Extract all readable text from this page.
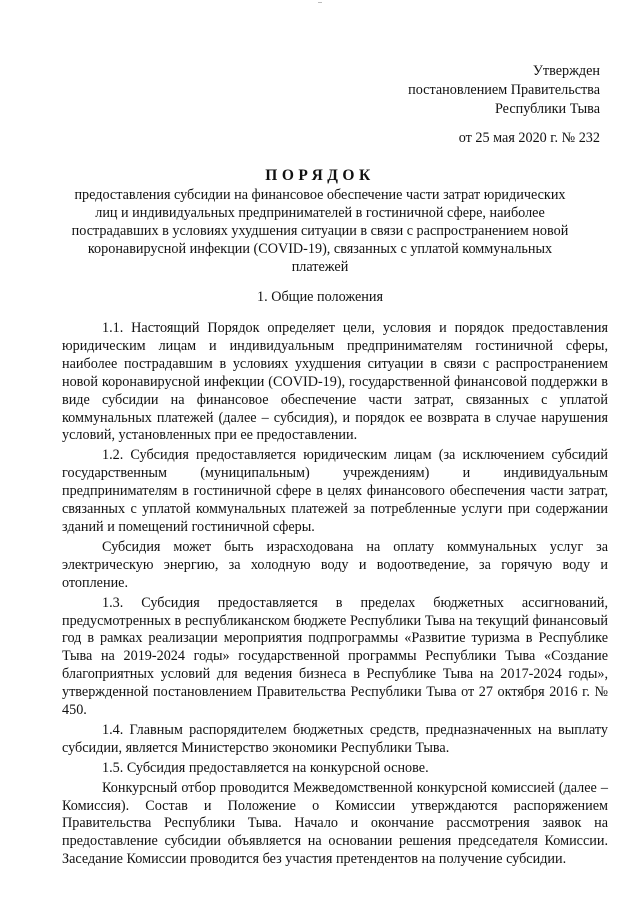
Утвержден
постановлением Правительства
Республики Тыва
от 25 мая 2020 г. № 232
ПОРЯДОК
предоставления субсидии на финансовое обеспечение части затрат юридических лиц и индивидуальных предпринимателей в гостиничной сфере, наиболее пострадавших в условиях ухудшения ситуации в связи с распространением новой коронавирусной инфекции (COVID-19), связанных с уплатой коммунальных платежей
1. Общие положения

1.1. Настоящий Порядок определяет цели, условия и порядок предоставления юридическим лицам и индивидуальным предпринимателям гостиничной сферы, наиболее пострадавшим в условиях ухудшения ситуации в связи с распространением новой коронавирусной инфекции (COVID-19), государственной финансовой поддержки в виде субсидии на финансовое обеспечение части затрат, связанных с уплатой коммунальных платежей (далее – субсидия), и порядок ее возврата в случае нарушения условий, установленных при ее предоставлении.

1.2. Субсидия предоставляется юридическим лицам (за исключением субсидий государственным (муниципальным) учреждениям) и индивидуальным предпринимателям в гостиничной сфере в целях финансового обеспечения части затрат, связанных с уплатой коммунальных платежей за потребленные услуги при содержании зданий и помещений гостиничной сферы.

Субсидия может быть израсходована на оплату коммунальных услуг за электрическую энергию, за холодную воду и водоотведение, за горячую воду и отопление.

1.3. Субсидия предоставляется в пределах бюджетных ассигнований, предусмотренных в республиканском бюджете Республики Тыва на текущий финансовый год в рамках реализации мероприятия подпрограммы «Развитие туризма в Республике Тыва на 2019-2024 годы» государственной программы Республики Тыва «Создание благоприятных условий для ведения бизнеса в Республике Тыва на 2017-2024 годы», утвержденной постановлением Правительства Республики Тыва от 27 октября 2016 г. № 450.

1.4. Главным распорядителем бюджетных средств, предназначенных на выплату субсидии, является Министерство экономики Республики Тыва.

1.5. Субсидия предоставляется на конкурсной основе.

Конкурсный отбор проводится Межведомственной конкурсной комиссией (далее – Комиссия). Состав и Положение о Комиссии утверждаются распоряжением Правительства Республики Тыва. Начало и окончание рассмотрения заявок на предоставление субсидии объявляется на основании решения председателя Комиссии. Заседание Комиссии проводится без участия претендентов на получение субсидии.
